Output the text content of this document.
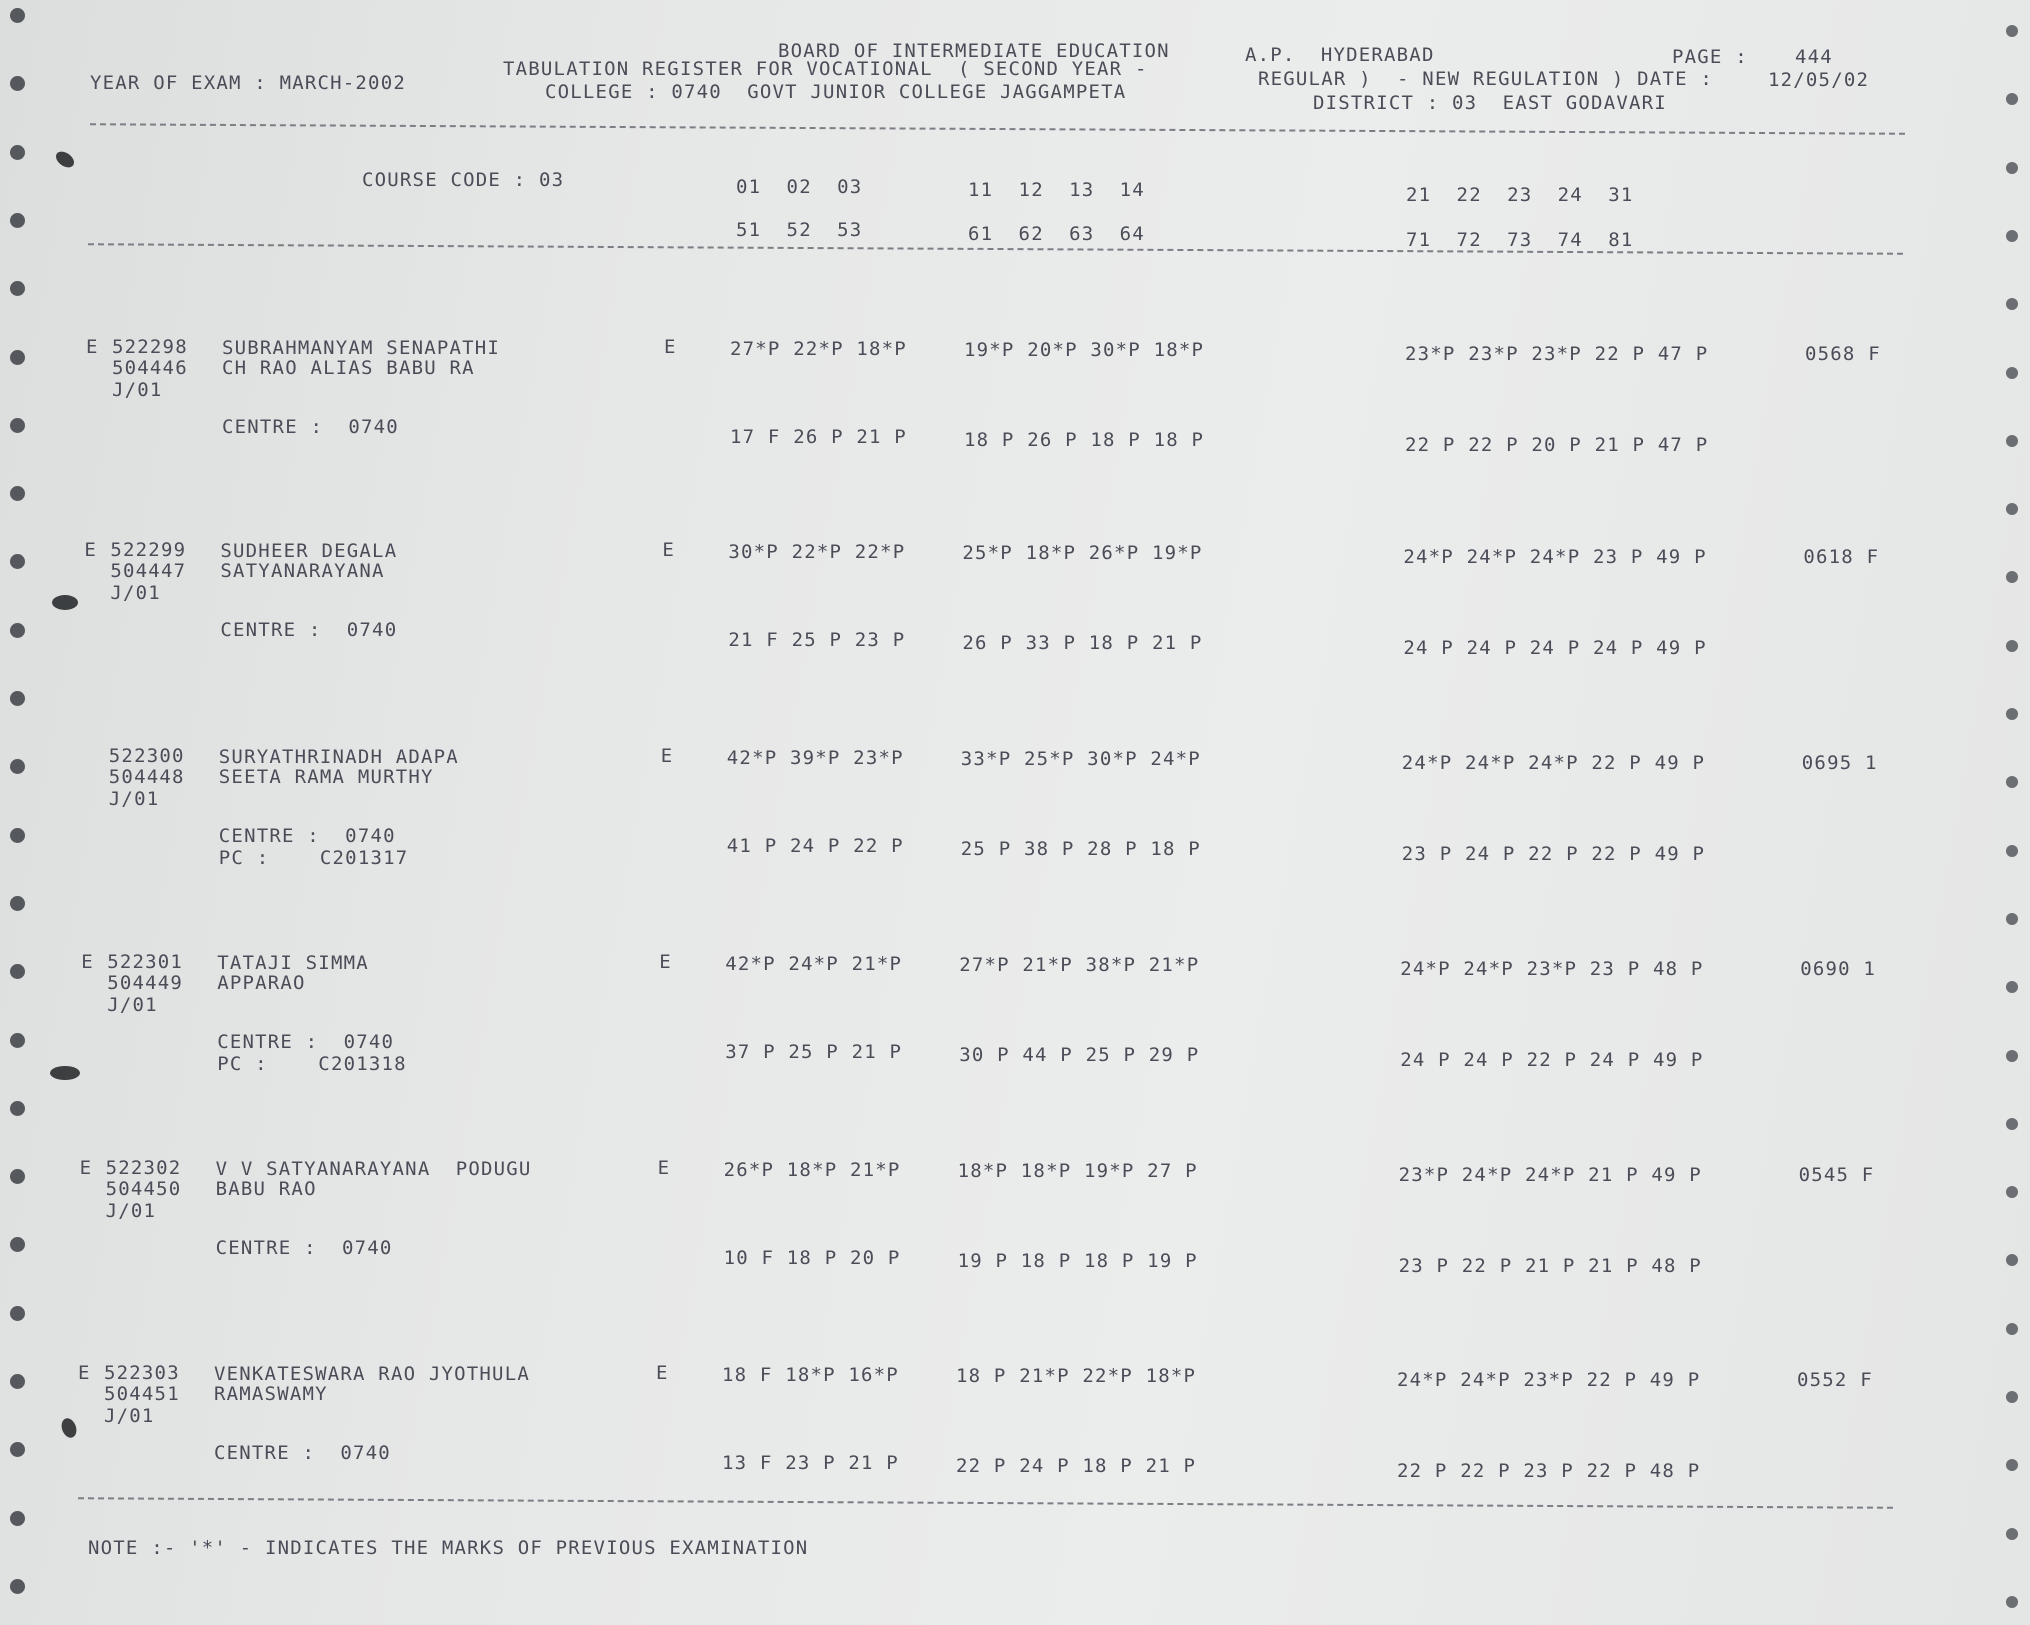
BOARD OF INTERMEDIATE EDUCATION	A.P.  HYDERABAD	PAGE : 444
YEAR OF EXAM : MARCH-2002
TABULATION REGISTER FOR VOCATIONAL  ( SECOND YEAR -	REGULAR )  - NEW REGULATION ) DATE :	12/05/02
COLLEGE : 0740  GOVT JUNIOR COLLEGE JAGGAMPETA	DISTRICT : 03  EAST GODAVARI
COURSE CODE : 03	01  02  03	11  12  13  14	21  22  23  24  31
51  52  53	61  62  63  64	71  72  73  74  81
E 522298
504446
J/01
SUBRAHMANYAM SENAPATHI
CH RAO ALIAS BABU RA
E	27*P 22*P 18*P	19*P 20*P 30*P 18*P	23*P 23*P 23*P 22 P 47 P	0568 F
CENTRE :  0740	17 F 26 P 21 P	18 P 26 P 18 P 18 P	22 P 22 P 20 P 21 P 47 P
E 522299
504447
J/01
SUDHEER DEGALA
SATYANARAYANA
E	30*P 22*P 22*P	25*P 18*P 26*P 19*P	24*P 24*P 24*P 23 P 49 P	0618 F
CENTRE :  0740	21 F 25 P 23 P	26 P 33 P 18 P 21 P	24 P 24 P 24 P 24 P 49 P
522300
504448
J/01
SURYATHRINADH ADAPA
SEETA RAMA MURTHY
E	42*P 39*P 23*P	33*P 25*P 30*P 24*P	24*P 24*P 24*P 22 P 49 P	0695 1
CENTRE :  0740
PC :    C201317
41 P 24 P 22 P	25 P 38 P 28 P 18 P	23 P 24 P 22 P 22 P 49 P
E 522301
504449
J/01
TATAJI SIMMA
APPARAO
E	42*P 24*P 21*P	27*P 21*P 38*P 21*P	24*P 24*P 23*P 23 P 48 P	0690 1
CENTRE :  0740
PC :    C201318
37 P 25 P 21 P	30 P 44 P 25 P 29 P	24 P 24 P 22 P 24 P 49 P
E 522302
504450
J/01
V V SATYANARAYANA  PODUGU
BABU RAO
E	26*P 18*P 21*P	18*P 18*P 19*P 27 P	23*P 24*P 24*P 21 P 49 P	0545 F
CENTRE :  0740	10 F 18 P 20 P	19 P 18 P 18 P 19 P	23 P 22 P 21 P 21 P 48 P
E 522303
504451
J/01
VENKATESWARA RAO JYOTHULA
RAMASWAMY
E	18 F 18*P 16*P	18 P 21*P 22*P 18*P	24*P 24*P 23*P 22 P 49 P	0552 F
CENTRE :  0740	13 F 23 P 21 P	22 P 24 P 18 P 21 P	22 P 22 P 23 P 22 P 48 P
NOTE :- '*' - INDICATES THE MARKS OF PREVIOUS EXAMINATION
